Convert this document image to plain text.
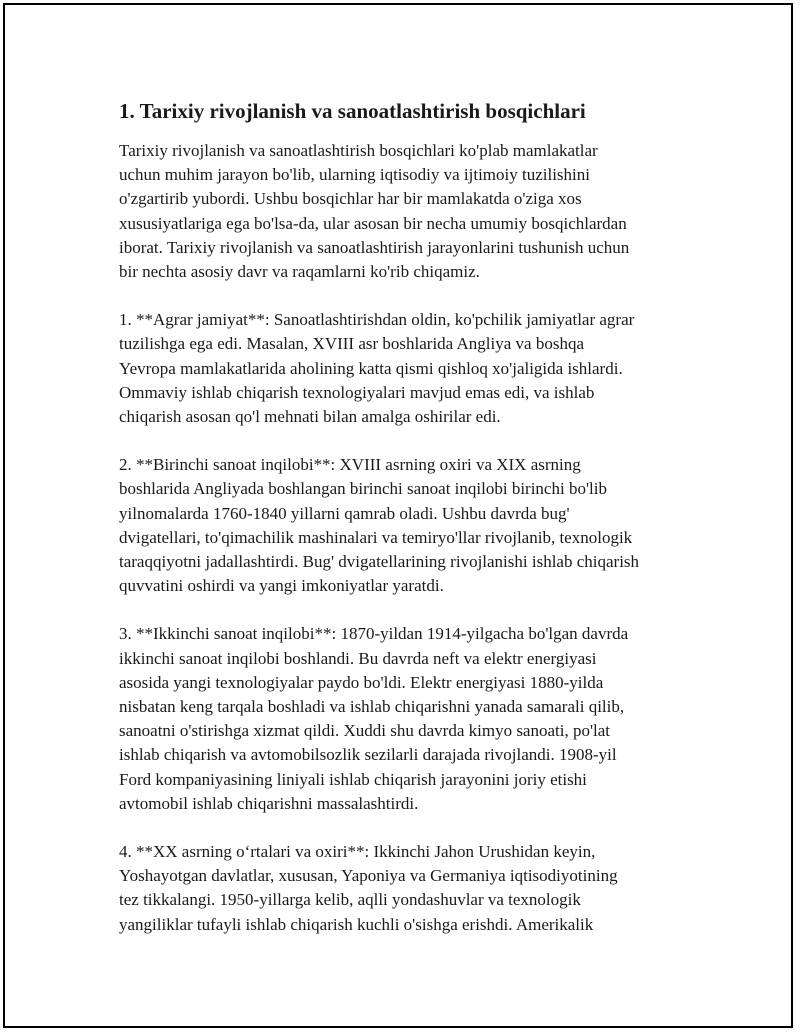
1. Tarixiy rivojlanish va sanoatlashtirish bosqichlari
Tarixiy rivojlanish va sanoatlashtirish bosqichlari ko'plab mamlakatlar
uchun muhim jarayon bo'lib, ularning iqtisodiy va ijtimoiy tuzilishini
o'zgartirib yubordi. Ushbu bosqichlar har bir mamlakatda o'ziga xos
xususiyatlariga ega bo'lsa-da, ular asosan bir necha umumiy bosqichlardan
iborat. Tarixiy rivojlanish va sanoatlashtirish jarayonlarini tushunish uchun
bir nechta asosiy davr va raqamlarni ko'rib chiqamiz.
1. **Agrar jamiyat**: Sanoatlashtirishdan oldin, ko'pchilik jamiyatlar agrar
tuzilishga ega edi. Masalan, XVIII asr boshlarida Angliya va boshqa
Yevropa mamlakatlarida aholining katta qismi qishloq xo'jaligida ishlardi.
Ommaviy ishlab chiqarish texnologiyalari mavjud emas edi, va ishlab
chiqarish asosan qo'l mehnati bilan amalga oshirilar edi.
2. **Birinchi sanoat inqilobi**: XVIII asrning oxiri va XIX asrning
boshlarida Angliyada boshlangan birinchi sanoat inqilobi birinchi bo'lib
yilnomalarda 1760-1840 yillarni qamrab oladi. Ushbu davrda bug'
dvigatellari, to'qimachilik mashinalari va temiryo'llar rivojlanib, texnologik
taraqqiyotni jadallashtirdi. Bug' dvigatellarining rivojlanishi ishlab chiqarish
quvvatini oshirdi va yangi imkoniyatlar yaratdi.
3. **Ikkinchi sanoat inqilobi**: 1870-yildan 1914-yilgacha bo'lgan davrda
ikkinchi sanoat inqilobi boshlandi. Bu davrda neft va elektr energiyasi
asosida yangi texnologiyalar paydo bo'ldi. Elektr energiyasi 1880-yilda
nisbatan keng tarqala boshladi va ishlab chiqarishni yanada samarali qilib,
sanoatni o'stirishga xizmat qildi. Xuddi shu davrda kimyo sanoati, po'lat
ishlab chiqarish va avtomobilsozlik sezilarli darajada rivojlandi. 1908-yil
Ford kompaniyasining liniyali ishlab chiqarish jarayonini joriy etishi
avtomobil ishlab chiqarishni massalashtirdi.
4. **XX asrning o‘rtalari va oxiri**: Ikkinchi Jahon Urushidan keyin,
Yoshayotgan davlatlar, xususan, Yaponiya va Germaniya iqtisodiyotining
tez tikkalangi. 1950-yillarga kelib, aqlli yondashuvlar va texnologik
yangiliklar tufayli ishlab chiqarish kuchli o'sishga erishdi. Amerikalik
